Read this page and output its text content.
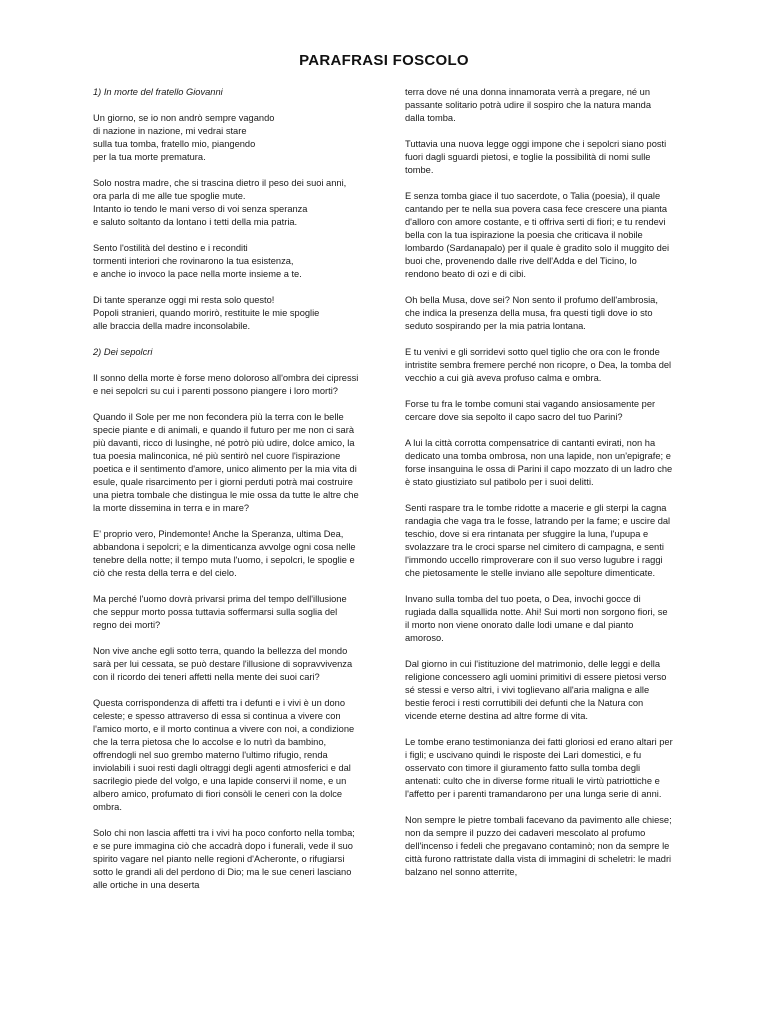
PARAFRASI FOSCOLO
1) In morte del fratello Giovanni

Un giorno, se io non andrò sempre vagando
di nazione in nazione, mi vedrai stare
sulla tua tomba, fratello mio, piangendo
per la tua morte prematura.

Solo nostra madre, che si trascina dietro il peso dei suoi anni,
ora parla di me alle tue spoglie mute.
Intanto io tendo le mani verso di voi senza speranza
e saluto soltanto da lontano i tetti della mia patria.

Sento l'ostilità del destino e i reconditi
tormenti interiori che rovinarono la tua esistenza,
e anche io invoco la pace nella morte insieme a te.

Di tante speranze oggi mi resta solo questo!
Popoli stranieri, quando morirò, restituite le mie spoglie
alle braccia della madre inconsolabile.

2) Dei sepolcri

Il sonno della morte è forse meno doloroso all'ombra dei cipressi e nei sepolcri su cui i parenti possono piangere i loro morti?

Quando il Sole per me non fecondera più la terra con le belle specie piante e di animali, e quando il futuro per me non ci sarà più davanti, ricco di lusinghe, né potrò più udire, dolce amico, la tua poesia malinconica, né più sentirò nel cuore l'ispirazione poetica e il sentimento d'amore, unico alimento per la mia vita di esule, quale risarcimento per i giorni perduti potrà mai costruire una pietra tombale che distingua le mie ossa da tutte le altre che la morte dissemina in terra e in mare?

E' proprio vero, Pindemonte! Anche la Speranza, ultima Dea, abbandona i sepolcri; e la dimenticanza avvolge ogni cosa nelle tenebre della notte; il tempo muta l'uomo, i sepolcri, le spoglie e ciò che resta della terra e del cielo.

Ma perché l'uomo dovrà privarsi prima del tempo dell'illusione che seppur morto possa tuttavia soffermarsi sulla soglia del regno dei morti?

Non vive anche egli sotto terra, quando la bellezza del mondo sarà per lui cessata, se può destare l'illusione di sopravvivenza con il ricordo dei teneri affetti nella mente dei suoi cari?

Questa corrispondenza di affetti tra i defunti e i vivi è un dono celeste; e spesso attraverso di essa si continua a vivere con l'amico morto, e il morto continua a vivere con noi, a condizione che la terra pietosa che lo accolse e lo nutrì da bambino, offrendogli nel suo grembo materno l'ultimo rifugio, renda inviolabili i suoi resti dagli oltraggi degli agenti atmosferici e dal sacrilegio piede del volgo, e una lapide conservi il nome, e un albero amico, profumato di fiori consòli le ceneri con la dolce ombra.

Solo chi non lascia affetti tra i vivi ha poco conforto nella tomba; e se pure immagina ciò che accadrà dopo i funerali, vede il suo spirito vagare nel pianto nelle regioni d'Acheronte, o rifugiarsi sotto le grandi ali del perdono di Dio; ma le sue ceneri lasciano alle ortiche in una deserta

terra dove né una donna innamorata verrà a pregare, né un passante solitario potrà udire il sospiro che la natura manda dalla tomba.

Tuttavia una nuova legge oggi impone che i sepolcri siano posti fuori dagli sguardi pietosi, e toglie la possibilità di nomi sulle tombe.

E senza tomba giace il tuo sacerdote, o Talia (poesia), il quale cantando per te nella sua povera casa fece crescere una pianta d'alloro con amore costante, e ti offriva serti di fiori; e tu rendevi bella con la tua ispirazione la poesia che criticava il nobile lombardo (Sardanapalo) per il quale è gradito solo il muggito dei buoi che, provenendo dalle rive dell'Adda e del Ticino, lo rendono beato di ozi e di cibi.

Oh bella Musa, dove sei? Non sento il profumo dell'ambrosia, che indica la presenza della musa, fra questi tigli dove io sto seduto sospirando per la mia patria lontana.

E tu venivi e gli sorridevi sotto quel tiglio che ora con le fronde intristite sembra fremere perché non ricopre, o Dea, la tomba del vecchio a cui già aveva profuso calma e ombra.

Forse tu fra le tombe comuni stai vagando ansiosamente per cercare dove sia sepolto il capo sacro del tuo Parini?

A lui la città corrotta compensatrice di cantanti evirati, non ha dedicato una tomba ombrosa, non una lapide, non un'epigrafe; e forse insanguina le ossa di Parini il capo mozzato di un ladro che è stato giustiziato sul patibolo per i suoi delitti.

Senti raspare tra le tombe ridotte a macerie e gli sterpi la cagna randagia che vaga tra le fosse, latrando per la fame; e uscire dal teschio, dove si era rintanata per sfuggire la luna, l'upupa e svolazzare tra le croci sparse nel cimitero di campagna, e senti l'immondo uccello rimproverare con il suo verso lugubre i raggi che pietosamente le stelle inviano alle sepolture dimenticate.

Invano sulla tomba del tuo poeta, o Dea, invochi gocce di rugiada dalla squallida notte. Ahi! Sui morti non sorgono fiori, se il morto non viene onorato dalle lodi umane e dal pianto amoroso.

Dal giorno in cui l'istituzione del matrimonio, delle leggi e della religione concessero agli uomini primitivi di essere pietosi verso sé stessi e verso altri, i vivi toglievano all'aria maligna e alle bestie feroci i resti corruttibili dei defunti che la Natura con vicende eterne destina ad altre forme di vita.

Le tombe erano testimonianza dei fatti gloriosi ed erano altari per i figli; e uscivano quindi le risposte dei Lari domestici, e fu osservato con timore il giuramento fatto sulla tomba degli antenati: culto che in diverse forme rituali le virtù patriottiche e l'affetto per i parenti tramandarono per una lunga serie di anni.

Non sempre le pietre tombali facevano da pavimento alle chiese; non da sempre il puzzo dei cadaveri mescolato al profumo dell'incenso i fedeli che pregavano contaminò; non da sempre le città furono rattristate dalla vista di immagini di scheletri: le madri balzano nel sonno atterrite,
